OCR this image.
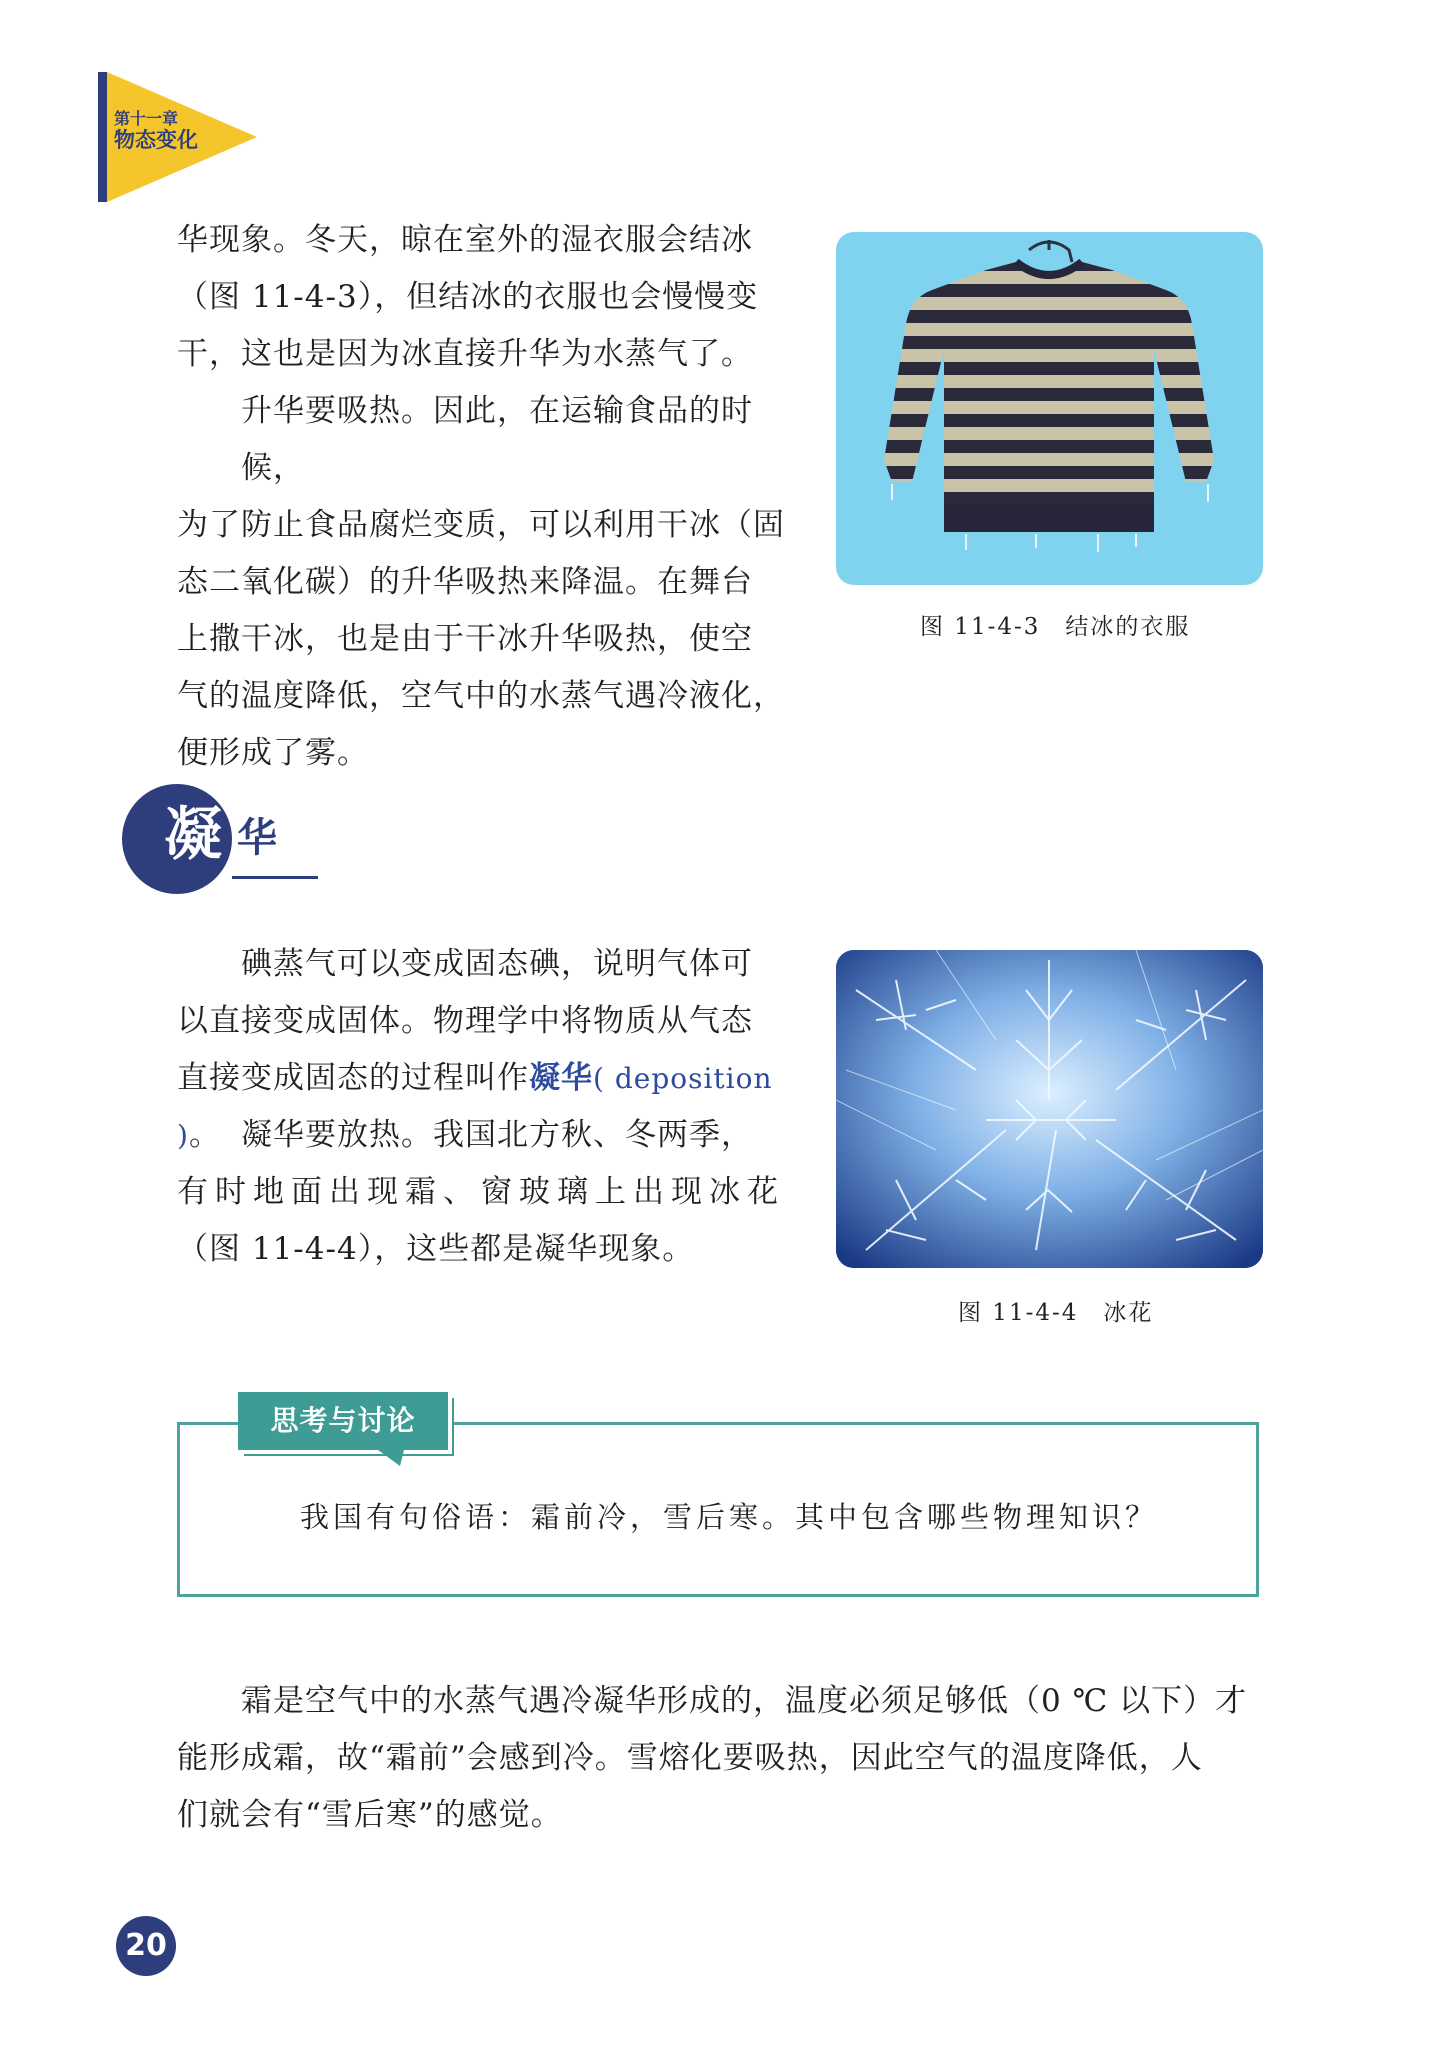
第十一章
物态变化
华现象。冬天，晾在室外的湿衣服会结冰
（图 11-4-3），但结冰的衣服也会慢慢变
干，这也是因为冰直接升华为水蒸气了。
升华要吸热。因此，在运输食品的时候，
为了防止食品腐烂变质，可以利用干冰（固
态二氧化碳）的升华吸热来降温。在舞台
上撒干冰，也是由于干冰升华吸热，使空
气的温度降低，空气中的水蒸气遇冷液化，
便形成了雾。
图 11-4-3　结冰的衣服
凝 华
碘蒸气可以变成固态碘，说明气体可
以直接变成固体。物理学中将物质从气态
直接变成固态的过程叫作凝华( deposition )。 凝华要放热。我国北方秋、冬两季，
有时地面出现霜、窗玻璃上出现冰花
（图 11-4-4），这些都是凝华现象。
图 11-4-4　冰花
思考与讨论
我国有句俗语：霜前冷，雪后寒。其中包含哪些物理知识？
霜是空气中的水蒸气遇冷凝华形成的，温度必须足够低（0 ℃ 以下）才
能形成霜，故“霜前”会感到冷。雪熔化要吸热，因此空气的温度降低，人
们就会有“雪后寒”的感觉。
20
